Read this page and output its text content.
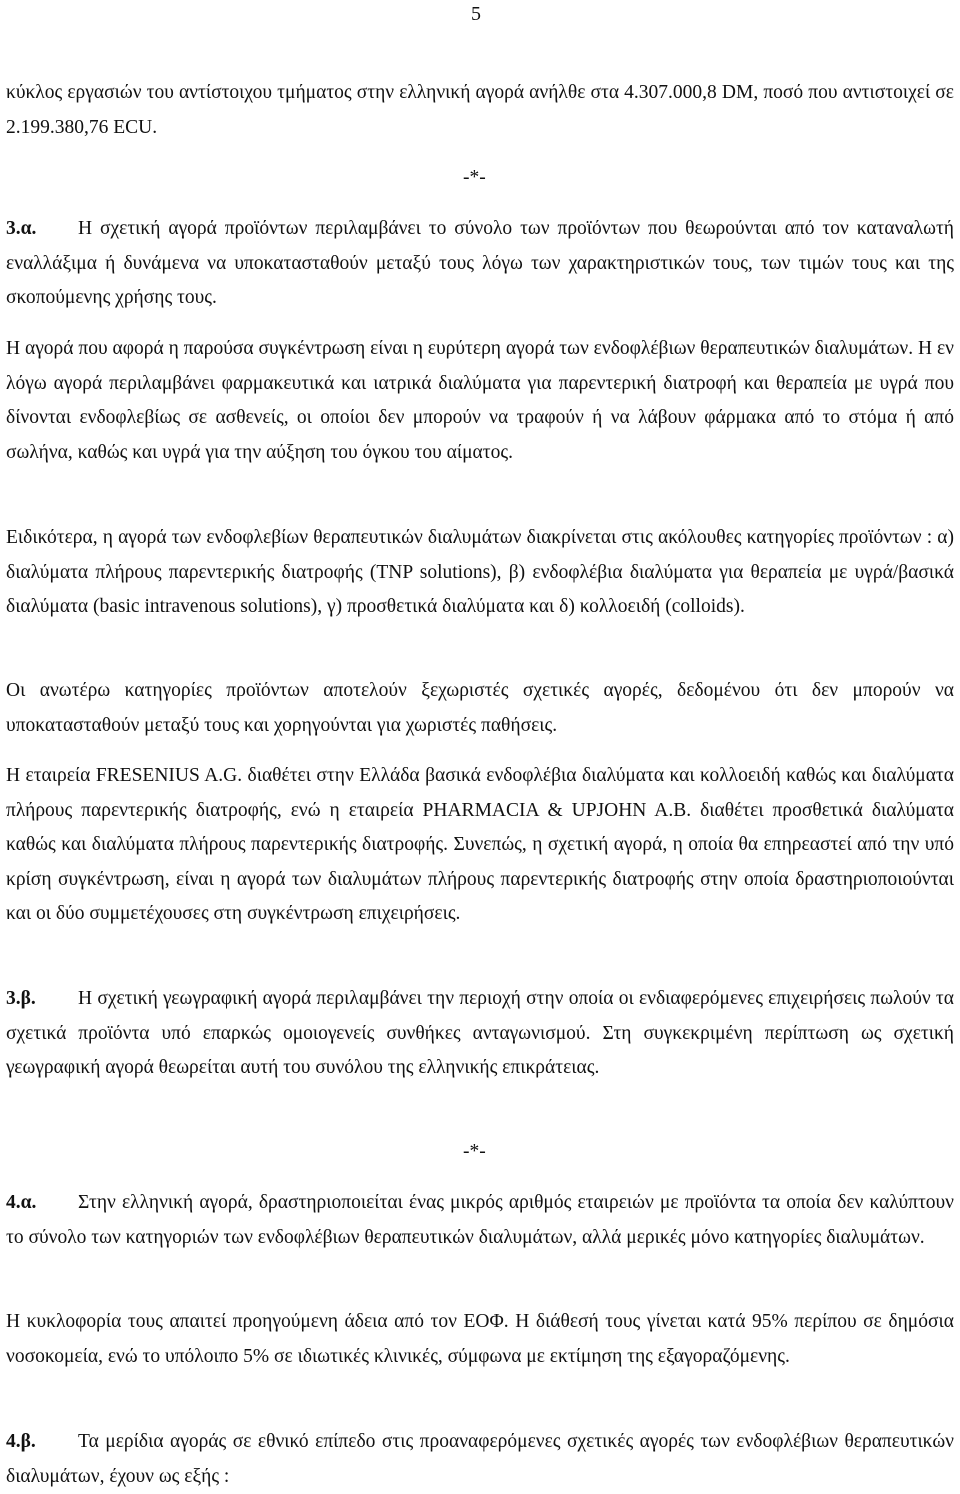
5

κύκλος εργασιών του αντίστοιχου τμήματος στην ελληνική αγορά ανήλθε στα 4.307.000,8 DM, ποσό που αντιστοιχεί σε 2.199.380,76 ECU.

-*-

3.α. Η σχετική αγορά προϊόντων περιλαμβάνει το σύνολο των προϊόντων που θεωρούνται από τον καταναλωτή εναλλάξιμα ή δυνάμενα να υποκατασταθούν μεταξύ τους λόγω των χαρακτηριστικών τους, των τιμών τους και της σκοπούμενης χρήσης τους.

Η αγορά που αφορά η παρούσα συγκέντρωση είναι η ευρύτερη αγορά των ενδοφλέβιων θεραπευτικών διαλυμάτων. Η εν λόγω αγορά περιλαμβάνει φαρμακευτικά και ιατρικά διαλύματα για παρεντερική διατροφή και θεραπεία με υγρά που δίνονται ενδοφλεβίως σε ασθενείς, οι οποίοι δεν μπορούν να τραφούν ή να λάβουν φάρμακα από το στόμα ή από σωλήνα, καθώς και υγρά για την αύξηση του όγκου του αίματος.

Ειδικότερα, η αγορά των ενδοφλεβίων θεραπευτικών διαλυμάτων διακρίνεται στις ακόλουθες κατηγορίες προϊόντων : α) διαλύματα πλήρους παρεντερικής διατροφής (TNP solutions), β) ενδοφλέβια διαλύματα για θεραπεία με υγρά/βασικά διαλύματα (basic intravenous solutions), γ) προσθετικά διαλύματα και δ) κολλοειδή (colloids).

Οι ανωτέρω κατηγορίες προϊόντων αποτελούν ξεχωριστές σχετικές αγορές, δεδομένου ότι δεν μπορούν να υποκατασταθούν μεταξύ τους και χορηγούνται για χωριστές παθήσεις.

Η εταιρεία FRESENIUS A.G. διαθέτει στην Ελλάδα βασικά ενδοφλέβια διαλύματα και κολλοειδή καθώς και διαλύματα πλήρους παρεντερικής διατροφής, ενώ η εταιρεία PHARMACIA & UPJOHN A.B. διαθέτει προσθετικά διαλύματα καθώς και διαλύματα πλήρους παρεντερικής διατροφής. Συνεπώς, η σχετική αγορά, η οποία θα επηρεαστεί από την υπό κρίση συγκέντρωση, είναι η αγορά των διαλυμάτων πλήρους παρεντερικής διατροφής στην οποία δραστηριοποιούνται και οι δύο συμμετέχουσες στη συγκέντρωση επιχειρήσεις.

3.β. Η σχετική γεωγραφική αγορά περιλαμβάνει την περιοχή στην οποία οι ενδιαφερόμενες επιχειρήσεις πωλούν τα σχετικά προϊόντα υπό επαρκώς ομοιογενείς συνθήκες ανταγωνισμού. Στη συγκεκριμένη περίπτωση ως σχετική γεωγραφική αγορά θεωρείται αυτή του συνόλου της ελληνικής επικράτειας.

-*-

4.α. Στην ελληνική αγορά, δραστηριοποιείται ένας μικρός αριθμός εταιρειών με προϊόντα τα οποία δεν καλύπτουν το σύνολο των κατηγοριών των ενδοφλέβιων θεραπευτικών διαλυμάτων, αλλά μερικές μόνο κατηγορίες διαλυμάτων.

Η κυκλοφορία τους απαιτεί προηγούμενη άδεια από τον ΕΟΦ. Η διάθεσή τους γίνεται κατά 95% περίπου σε δημόσια νοσοκομεία, ενώ το υπόλοιπο 5% σε ιδιωτικές κλινικές, σύμφωνα με εκτίμηση της εξαγοραζόμενης.

4.β. Τα μερίδια αγοράς σε εθνικό επίπεδο στις προαναφερόμενες σχετικές αγορές των ενδοφλέβιων θεραπευτικών διαλυμάτων, έχουν ως εξής :
